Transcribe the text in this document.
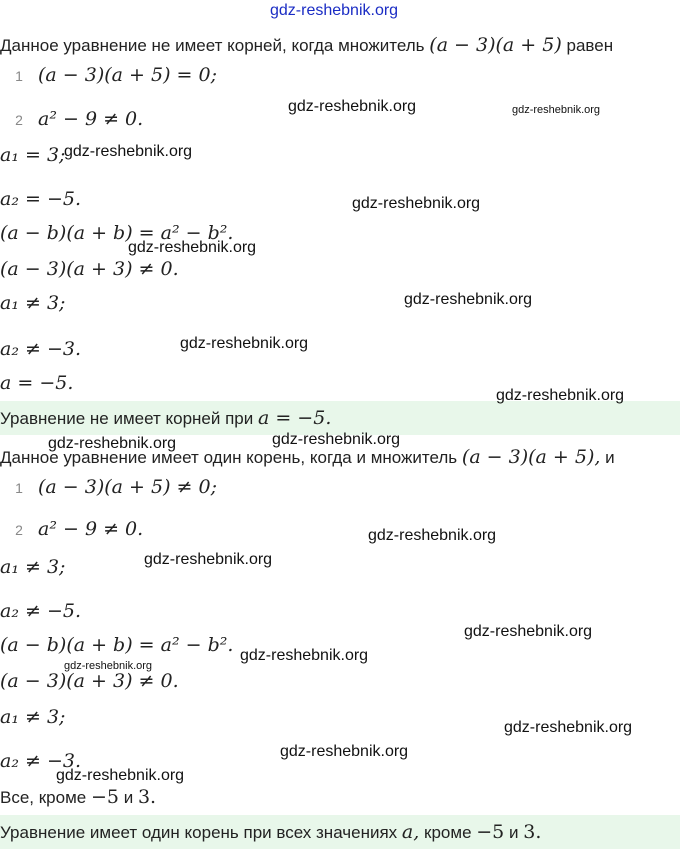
Данное уравнение не имеет корней, когда множитель (a − 3)(a + 5) равен
1 (a − 3)(a + 5) = 0;
2 a² − 9 ≠ 0.
a₁ = 3;
a₂ = −5.
(a − b)(a + b) = a² − b².
(a − 3)(a + 3) ≠ 0.
a₁ ≠ 3;
a₂ ≠ −3.
a = −5.
Уравнение не имеет корней при a = −5.
Данное уравнение имеет один корень, когда и множитель (a − 3)(a + 5), и
1 (a − 3)(a + 5) ≠ 0;
2 a² − 9 ≠ 0.
a₁ ≠ 3;
a₂ ≠ −5.
(a − b)(a + b) = a² − b².
(a − 3)(a + 3) ≠ 0.
a₁ ≠ 3;
a₂ ≠ −3.
Все, кроме −5 и 3.
Уравнение имеет один корень при всех значениях a, кроме −5 и 3.
gdz-reshebnik.org
gdz-reshebnik.org	gdz-reshebnik.org
gdz-reshebnik.org
gdz-reshebnik.org
gdz-reshebnik.org
gdz-reshebnik.org
gdz-reshebnik.org
gdz-reshebnik.org
gdz-reshebnik.org	gdz-reshebnik.org
gdz-reshebnik.org
gdz-reshebnik.org
gdz-reshebnik.org
gdz-reshebnik.org
gdz-reshebnik.org
gdz-reshebnik.org
gdz-reshebnik.org
gdz-reshebnik.org
